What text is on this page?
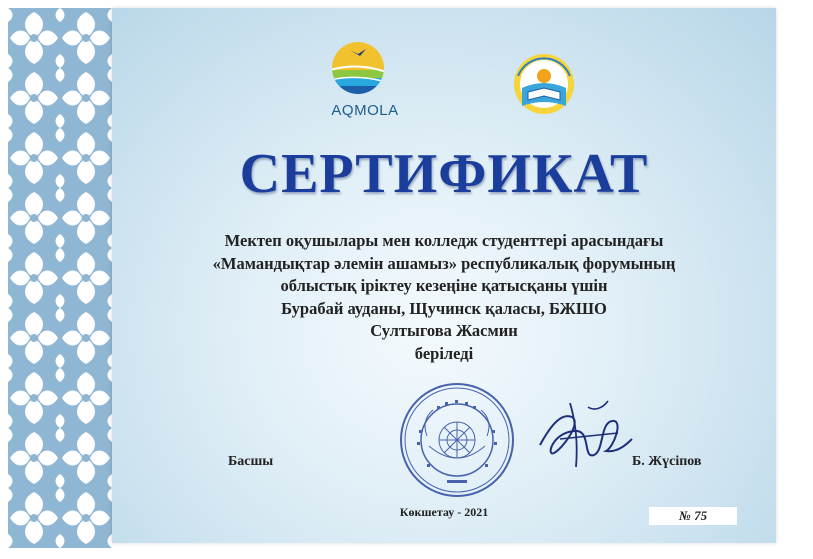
AQMOLA
СЕРТИФИКАТ
Мектеп оқушылары мен колледж студенттері арасындағы
«Мамандықтар әлемін ашамыз» республикалық форумының
облыстық іріктеу кезеңіне қатысқаны үшін
Бурабай ауданы, Щучинск қаласы, БЖШО
Султыгова Жасмин
беріледі
Басшы	Б. Жүсіпов
Көкшетау - 2021	№ 75
